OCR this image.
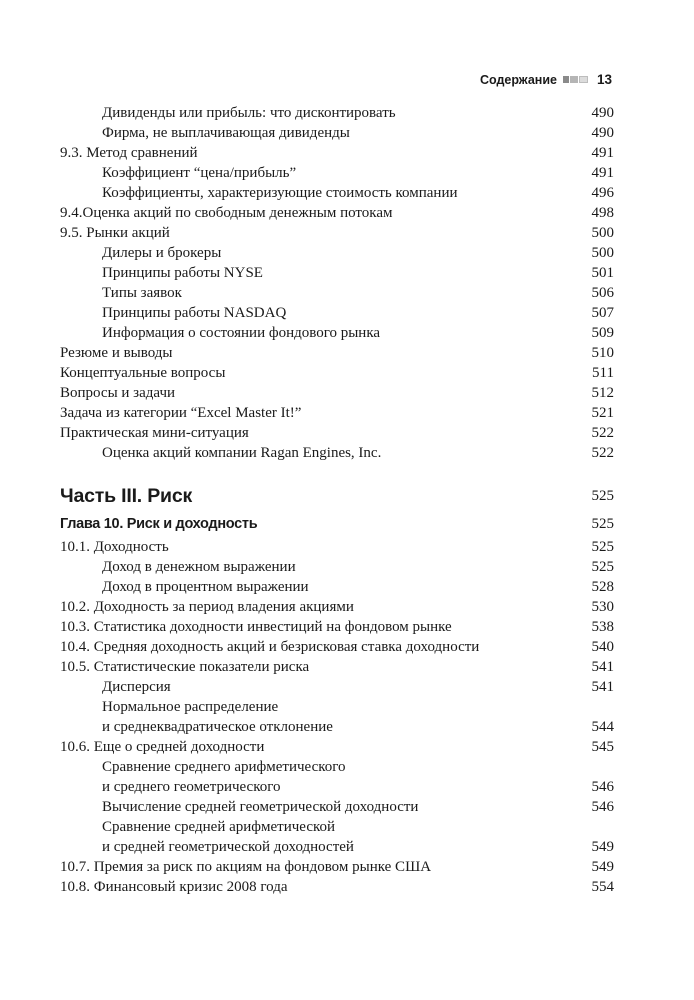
Содержание	13
Дивиденды или прибыль: что дисконтировать	490
Фирма, не выплачивающая дивиденды	490
9.3. Метод сравнений	491
Коэффициент “цена/прибыль”	491
Коэффициенты, характеризующие стоимость компании	496
9.4.Оценка акций по свободным денежным потокам	498
9.5. Рынки акций	500
Дилеры и брокеры	500
Принципы работы NYSE	501
Типы заявок	506
Принципы работы NASDAQ	507
Информация о состоянии фондового рынка	509
Резюме и выводы	510
Концептуальные вопросы	511
Вопросы и задачи	512
Задача из категории “Excel Master It!”	521
Практическая мини-ситуация	522
Оценка акций компании Ragan Engines, Inc.	522
Часть III. Риск	525
Глава 10. Риск и доходность	525
10.1. Доходность	525
Доход в денежном выражении	525
Доход в процентном выражении	528
10.2. Доходность за период владения акциями	530
10.3. Статистика доходности инвестиций на фондовом рынке	538
10.4. Средняя доходность акций и безрисковая ставка доходности	540
10.5. Статистические показатели риска	541
Дисперсия	541
Нормальное распределение
и среднеквадратическое отклонение	544
10.6. Еще о средней доходности	545
Сравнение среднего арифметического
и среднего геометрического	546
Вычисление средней геометрической доходности	546
Сравнение средней арифметической
и средней геометрической доходностей	549
10.7. Премия за риск по акциям на фондовом рынке США	549
10.8. Финансовый кризис 2008 года	554
